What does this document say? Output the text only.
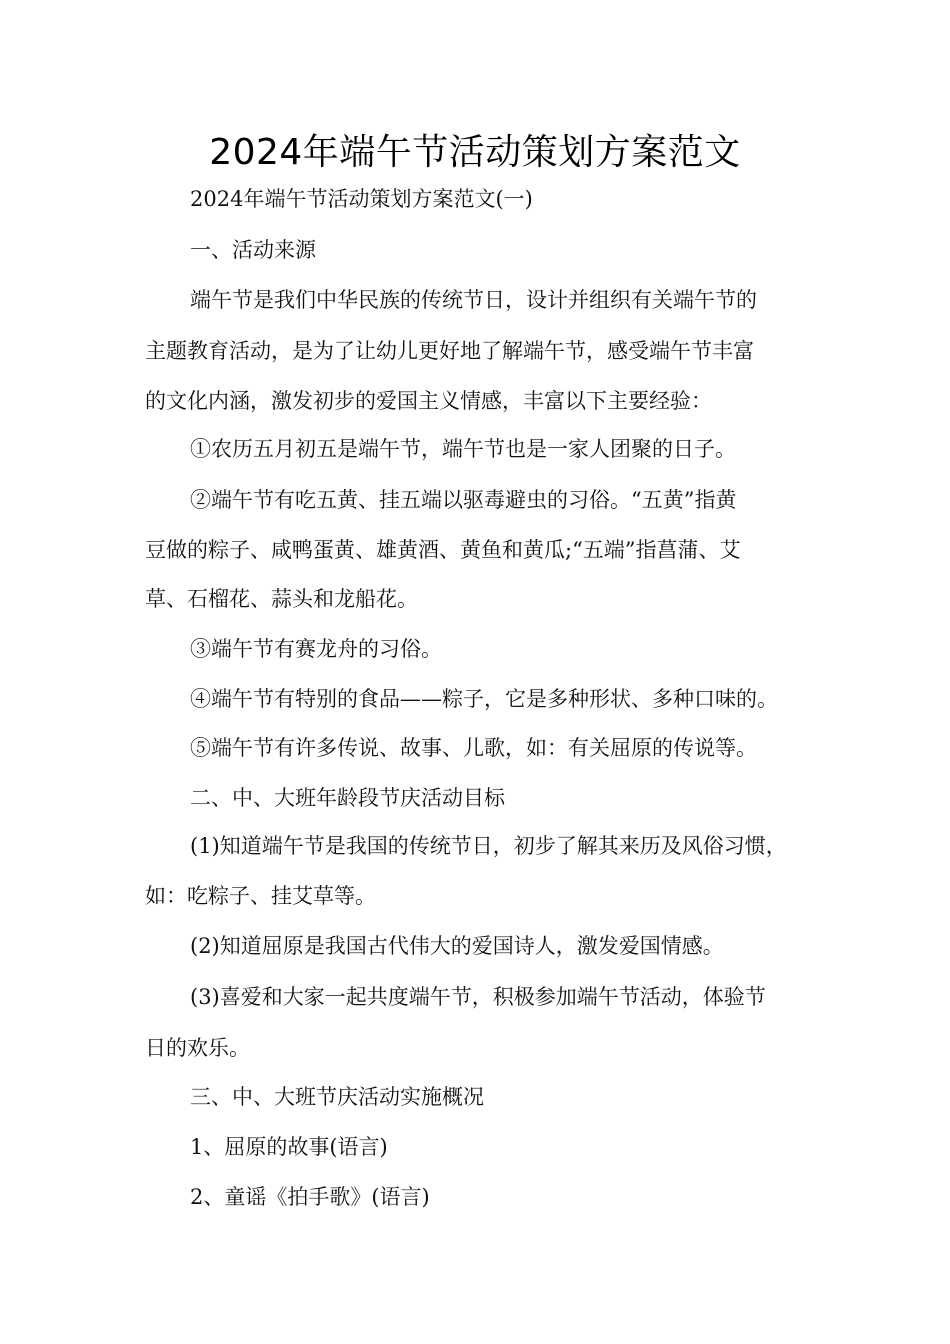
2024年端午节活动策划方案范文
2024年端午节活动策划方案范文(一)
一、活动来源
端午节是我们中华民族的传统节日，设计并组织有关端午节的
主题教育活动，是为了让幼儿更好地了解端午节，感受端午节丰富
的文化内涵，激发初步的爱国主义情感，丰富以下主要经验：
①农历五月初五是端午节，端午节也是一家人团聚的日子。
②端午节有吃五黄、挂五端以驱毒避虫的习俗。“五黄”指黄
豆做的粽子、咸鸭蛋黄、雄黄酒、黄鱼和黄瓜;“五端”指菖蒲、艾
草、石榴花、蒜头和龙船花。
③端午节有赛龙舟的习俗。
④端午节有特别的食品——粽子，它是多种形状、多种口味的。
⑤端午节有许多传说、故事、儿歌，如：有关屈原的传说等。
二、中、大班年龄段节庆活动目标
(1)知道端午节是我国的传统节日，初步了解其来历及风俗习惯，
如：吃粽子、挂艾草等。
(2)知道屈原是我国古代伟大的爱国诗人，激发爱国情感。
(3)喜爱和大家一起共度端午节，积极参加端午节活动，体验节
日的欢乐。
三、中、大班节庆活动实施概况
1、屈原的故事(语言)
2、童谣《拍手歌》(语言)
